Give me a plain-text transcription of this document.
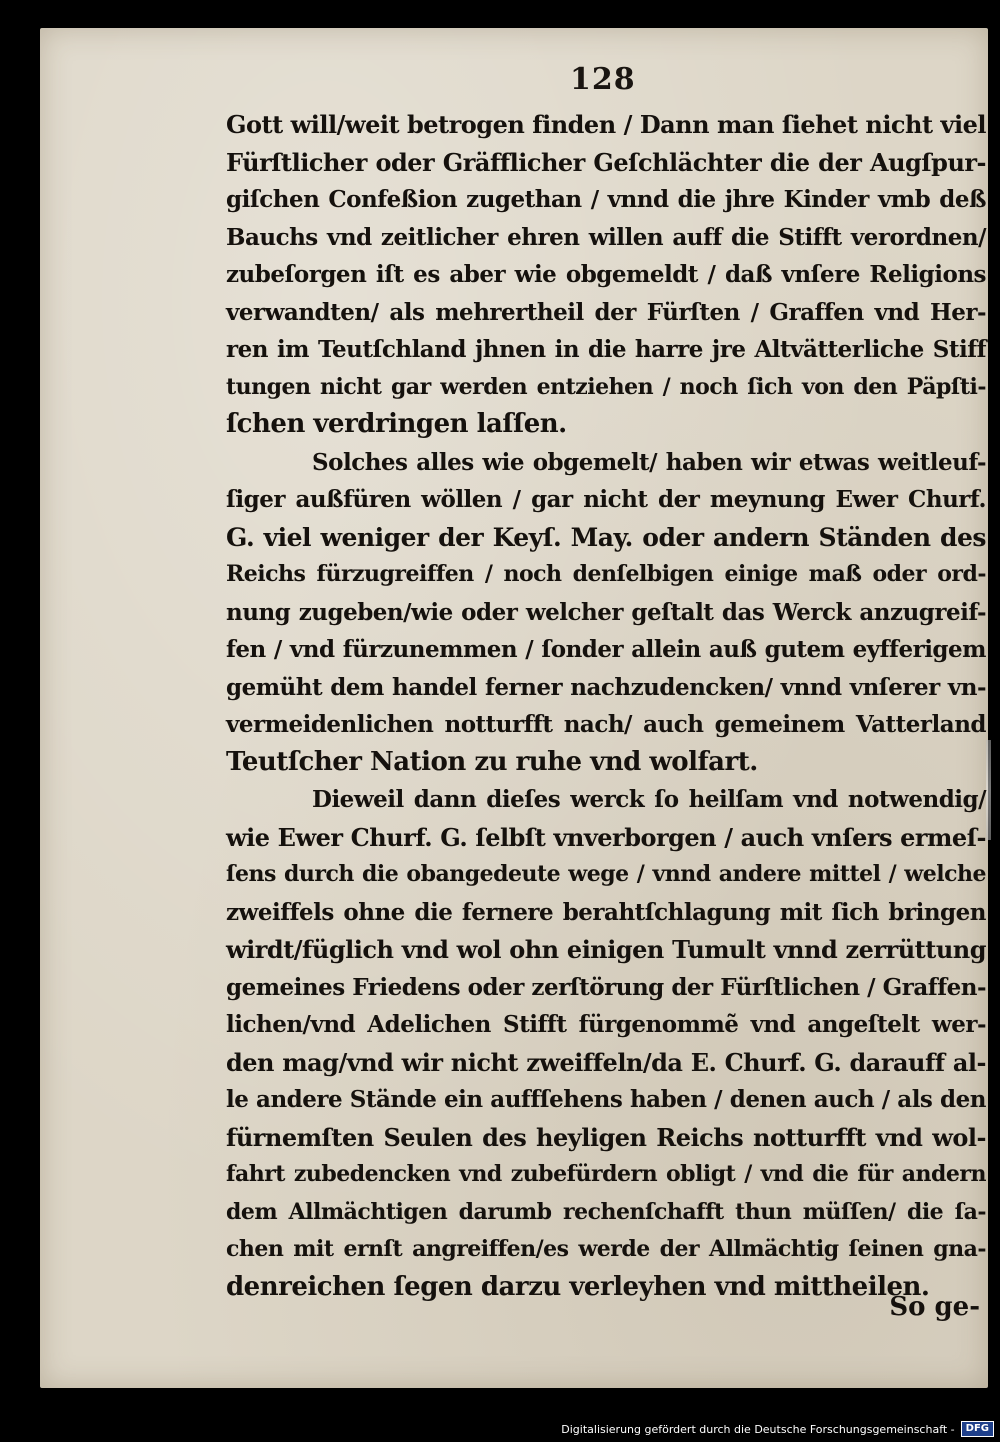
128
Gott will/weit betrogen finden / Dann man ſiehet nicht viel
Fürſtlicher oder Gräfflicher Geſchlächter die der Augſpur-
giſchen Confeßion zugethan / vnnd die jhre Kinder vmb deß
Bauchs vnd zeitlicher ehren willen auff die Stifft verordnen/
zubeſorgen iſt es aber wie obgemeldt / daß vnſere Religions
verwandten/ als mehrertheil der Fürſten / Graffen vnd Her-
ren im Teutſchland jhnen in die harre jre Altvätterliche Stiff
tungen nicht gar werden entziehen / noch ſich von den Päpſti-
ſchen verdringen laſſen.
Solches alles wie obgemelt/ haben wir etwas weitleuf-
ſiger außfüren wöllen / gar nicht der meynung Ewer Churf.
G. viel weniger der Keyſ. May. oder andern Ständen des
Reichs fürzugreiffen / noch denſelbigen einige maß oder ord-
nung zugeben/wie oder welcher geſtalt das Werck anzugreif-
fen / vnd fürzunemmen / ſonder allein auß gutem eyfferigem
gemüht dem handel ferner nachzudencken/ vnnd vnſerer vn-
vermeidenlichen notturfft nach/ auch gemeinem Vatterland
Teutſcher Nation zu ruhe vnd wolfart.
Dieweil dann dieſes werck ſo heilſam vnd notwendig/
wie Ewer Churf. G. ſelbſt vnverborgen / auch vnſers ermeſ-
ſens durch die obangedeute wege / vnnd andere mittel / welche
zweiffels ohne die fernere berahtſchlagung mit ſich bringen
wirdt/füglich vnd wol ohn einigen Tumult vnnd zerrüttung
gemeines Friedens oder zerſtörung der Fürſtlichen / Graffen-
lichen/vnd Adelichen Stifft fürgenommẽ vnd angeſtelt wer-
den mag/vnd wir nicht zweiffeln/da E. Churf. G. darauff al-
le andere Stände ein auffſehens haben / denen auch / als den
fürnemſten Seulen des heyligen Reichs notturfft vnd wol-
fahrt zubedencken vnd zubefürdern obligt / vnd die für andern
dem Allmächtigen darumb rechenſchafft thun müſſen/ die ſa-
chen mit ernſt angreiffen/es werde der Allmächtig ſeinen gna-
denreichen ſegen darzu verleyhen vnd mittheilen.
So ge-
Digitalisierung gefördert durch die Deutsche Forschungsgemeinschaft -	DFG
